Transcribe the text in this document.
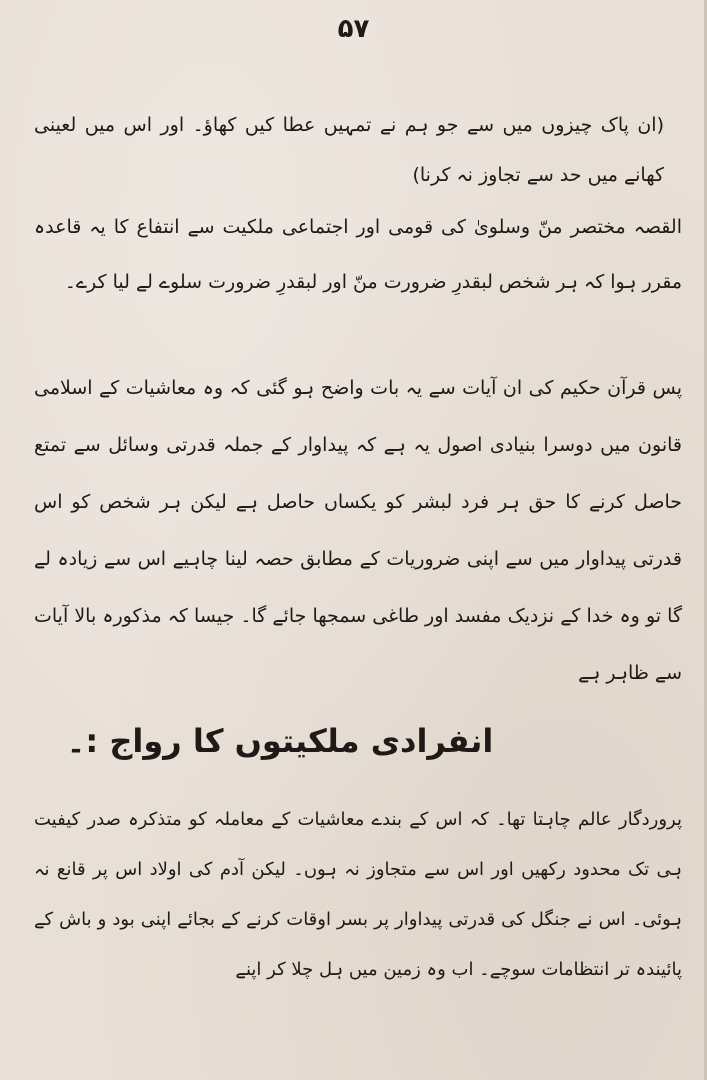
۵۷

(ان پاک چیزوں میں سے جو ہم نے تمہیں عطا کیں کھاؤ۔ اور اس میں لعینی کھانے میں حد سے تجاوز نہ کرنا)

القصہ مختصر منّ وسلویٰ کی قومی اور اجتماعی ملکیت سے انتفاع کا یہ قاعدہ مقرر ہوا کہ ہر شخص لبقدرِ ضرورت منّ اور لبقدرِ ضرورت سلوے لے لیا کرے۔

پس قرآن حکیم کی ان آیات سے یہ بات واضح ہو گئی کہ وہ معاشیات کے اسلامی قانون میں دوسرا بنیادی اصول یہ ہے کہ پیداوار کے جملہ قدرتی وسائل سے تمتع حاصل کرنے کا حق ہر فرد لبشر کو یکساں حاصل ہے لیکن ہر شخص کو اس قدرتی پیداوار میں سے اپنی ضروریات کے مطابق حصہ لینا چاہیے اس سے زیادہ لے گا تو وہ خدا کے نزدیک مفسد اور طاغی سمجھا جائے گا۔ جیسا کہ مذکورہ بالا آیات سے ظاہر ہے

انفرادی ملکیتوں کا رواج :۔

پروردگار عالم چاہتا تھا۔ کہ اس کے بندے معاشیات کے معاملہ کو متذکرہ صدر کیفیت ہی تک محدود رکھیں اور اس سے متجاوز نہ ہوں۔ لیکن آدم کی اولاد اس پر قانع نہ ہوئی۔ اس نے جنگل کی قدرتی پیداوار پر بسر اوقات کرنے کے بجائے اپنی بود و باش کے پائیندہ تر انتظامات سوچے۔ اب وہ زمین میں ہل چلا کر اپنے
